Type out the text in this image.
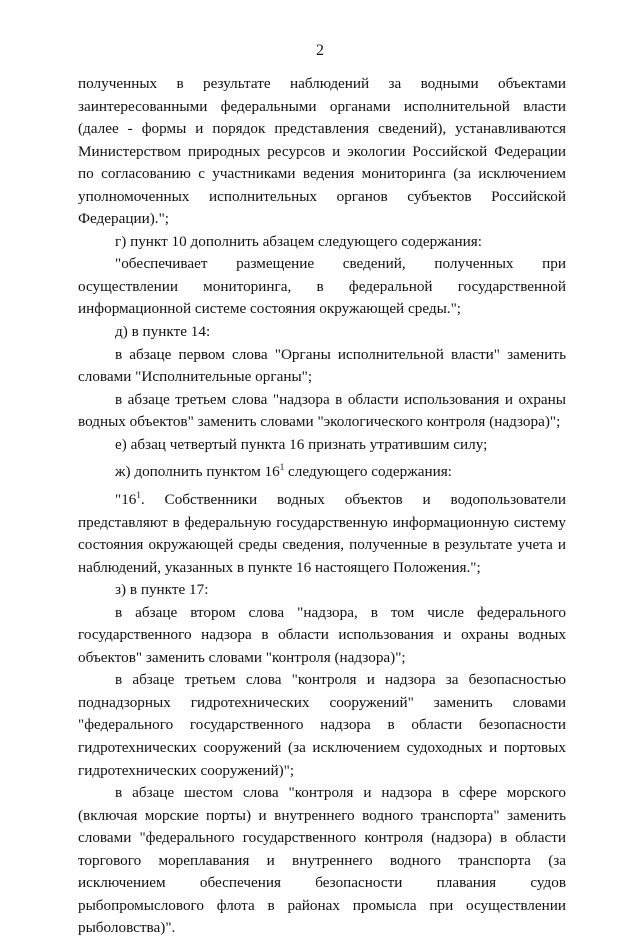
2

полученных в результате наблюдений за водными объектами заинтересованными федеральными органами исполнительной власти (далее - формы и порядок представления сведений), устанавливаются Министерством природных ресурсов и экологии Российской Федерации по согласованию с участниками ведения мониторинга (за исключением уполномоченных исполнительных органов субъектов Российской Федерации).";

г) пункт 10 дополнить абзацем следующего содержания:

"обеспечивает размещение сведений, полученных при осуществлении мониторинга, в федеральной государственной информационной системе состояния окружающей среды.";

д) в пункте 14:

в абзаце первом слова "Органы исполнительной власти" заменить словами "Исполнительные органы";

в абзаце третьем слова "надзора в области использования и охраны водных объектов" заменить словами "экологического контроля (надзора)";

е) абзац четвертый пункта 16 признать утратившим силу;

ж) дополнить пунктом $16^1$ следующего содержания:

"$16^1$. Собственники водных объектов и водопользователи представляют в федеральную государственную информационную систему состояния окружающей среды сведения, полученные в результате учета и наблюдений, указанных в пункте 16 настоящего Положения.";

з) в пункте 17:

в абзаце втором слова "надзора, в том числе федерального государственного надзора в области использования и охраны водных объектов" заменить словами "контроля (надзора)";

в абзаце третьем слова "контроля и надзора за безопасностью поднадзорных гидротехнических сооружений" заменить словами "федерального государственного надзора в области безопасности гидротехнических сооружений (за исключением судоходных и портовых гидротехнических сооружений)";

в абзаце шестом слова "контроля и надзора в сфере морского (включая морские порты) и внутреннего водного транспорта" заменить словами "федерального государственного контроля (надзора) в области торгового мореплавания и внутреннего водного транспорта (за исключением обеспечения безопасности плавания судов рыбопромыслового флота в районах промысла при осуществлении рыболовства)".
